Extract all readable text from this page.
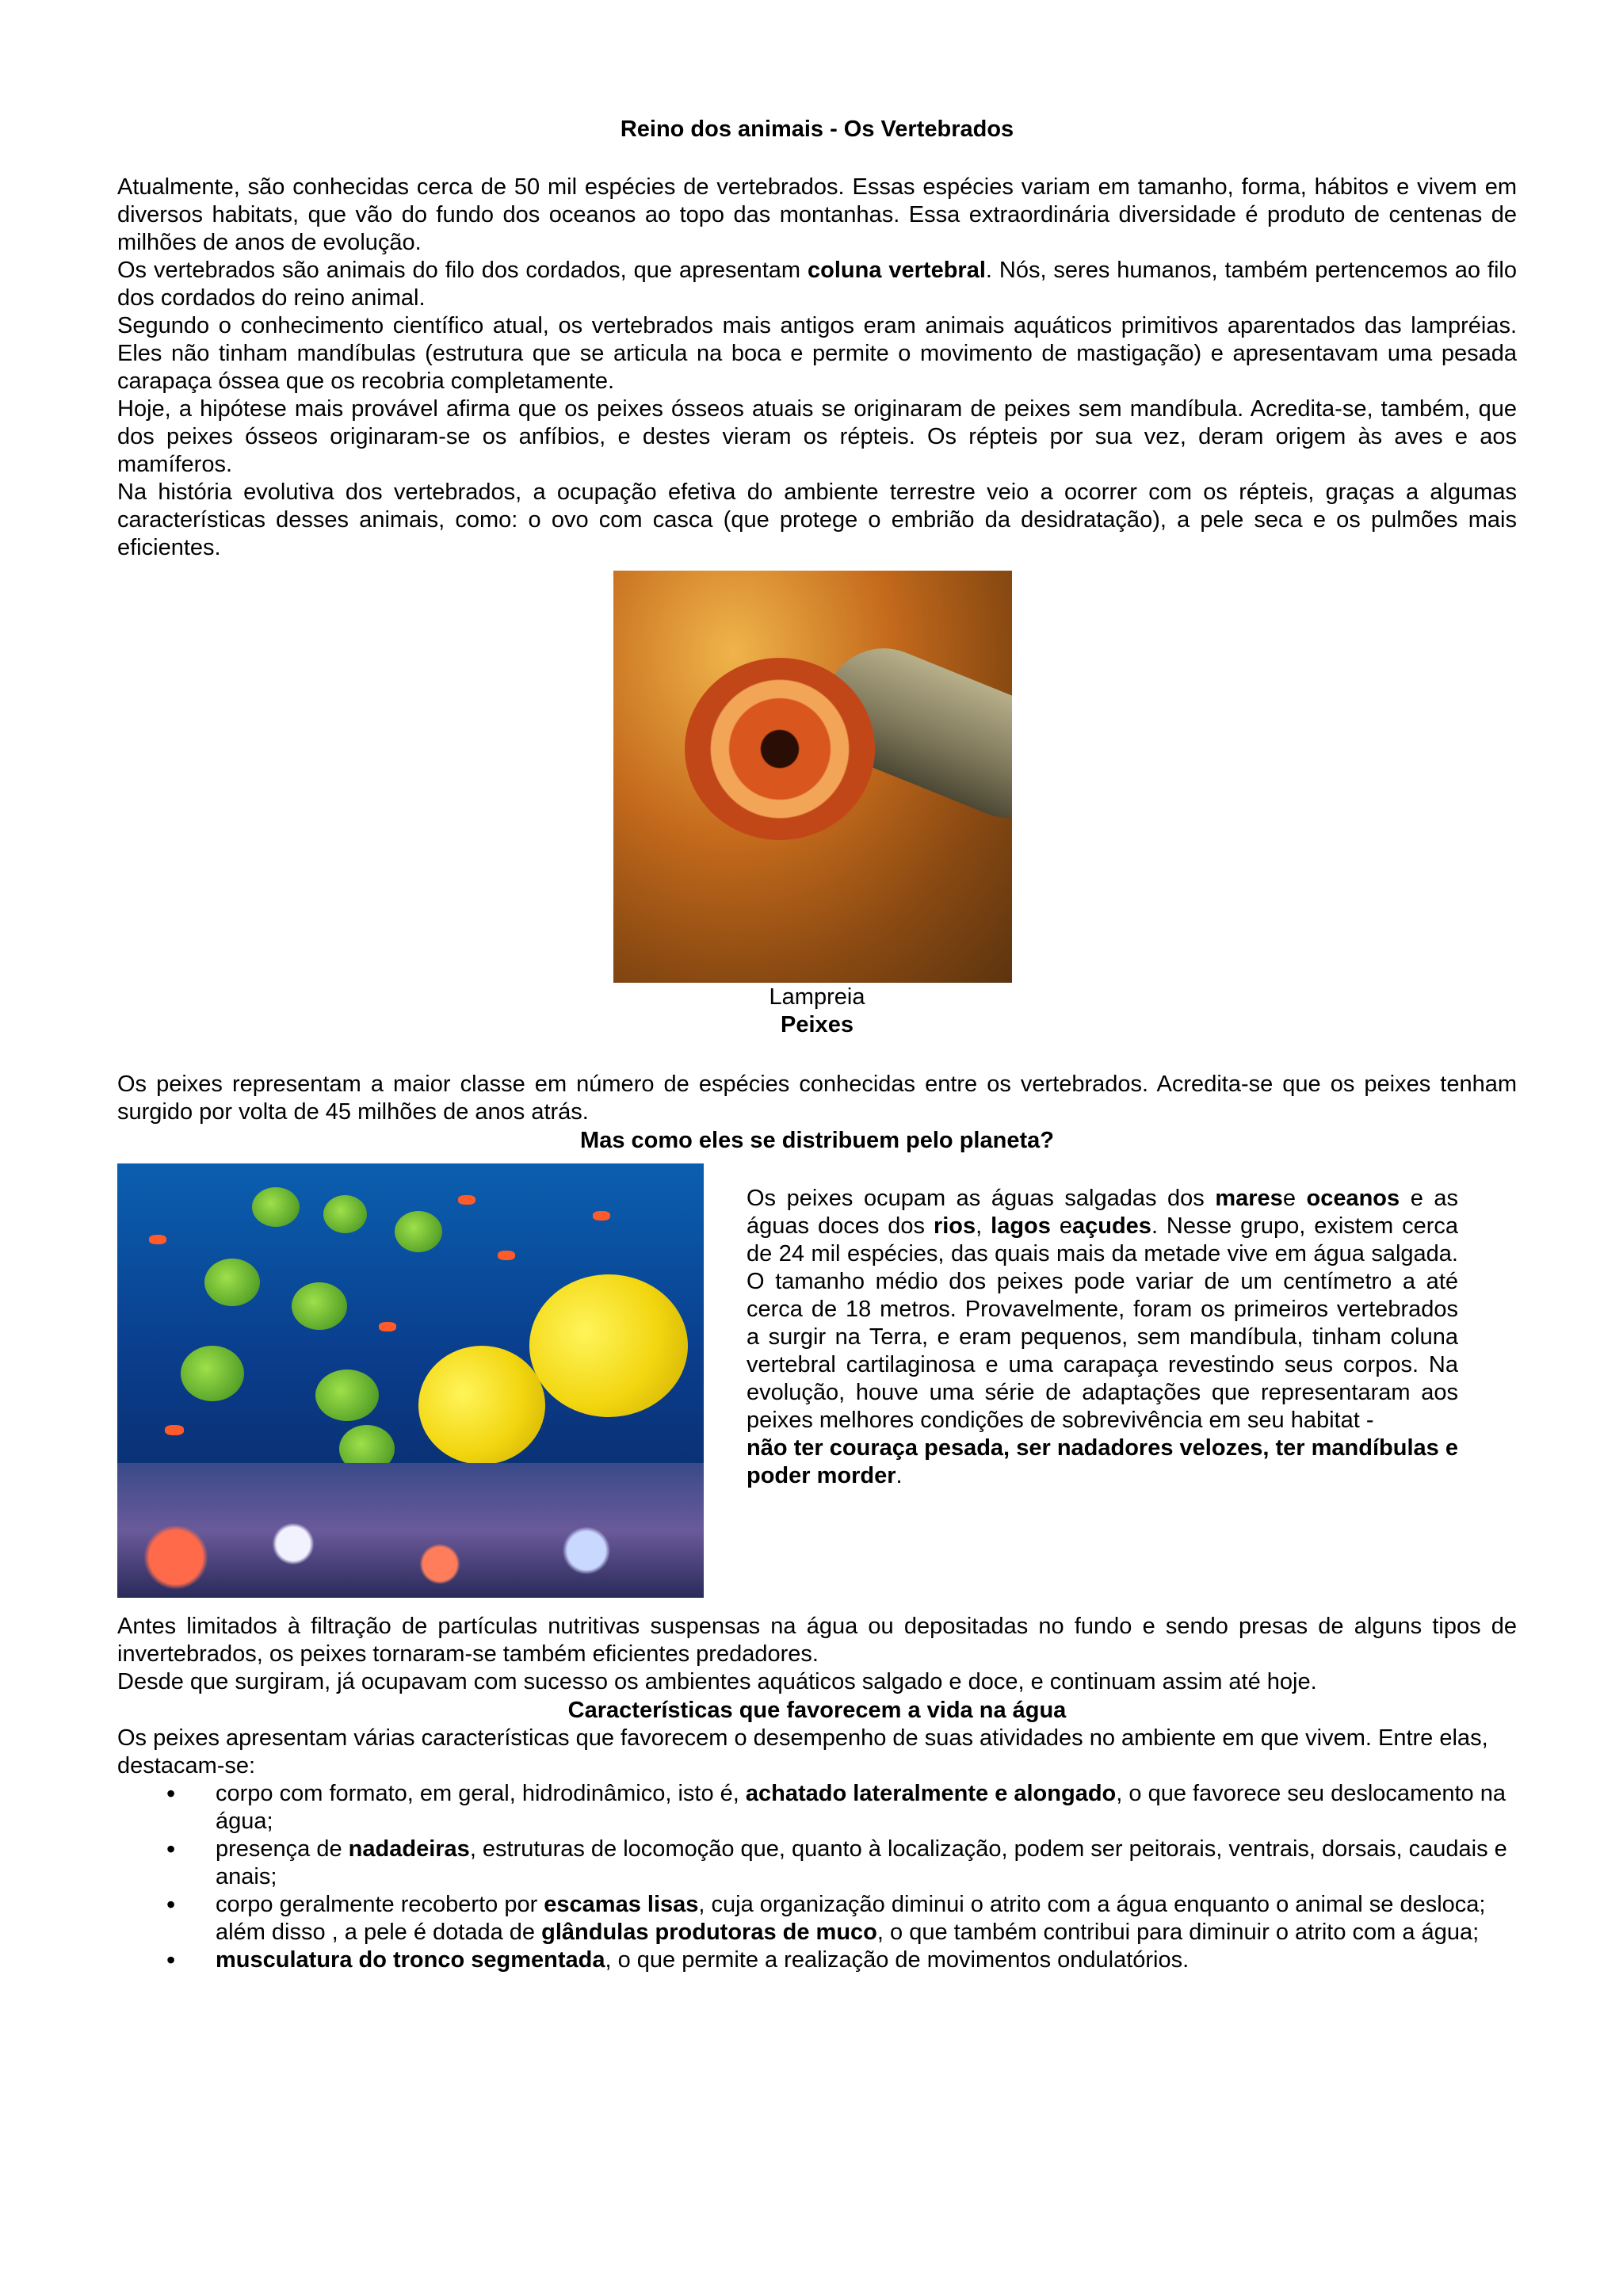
Reino dos animais - Os Vertebrados

Atualmente, são conhecidas cerca de 50 mil espécies de vertebrados. Essas espécies variam em tamanho, forma, hábitos e vivem em diversos habitats, que vão do fundo dos oceanos ao topo das montanhas. Essa extraordinária diversidade é produto de centenas de milhões de anos de evolução.

Os vertebrados são animais do filo dos cordados, que apresentam coluna vertebral. Nós, seres humanos, também pertencemos ao filo dos cordados do reino animal.

Segundo o conhecimento científico atual, os vertebrados mais antigos eram animais aquáticos primitivos aparentados das lampréias. Eles não tinham mandíbulas (estrutura que se articula na boca e permite o movimento de mastigação) e apresentavam uma pesada carapaça óssea que os recobria completamente.

Hoje, a hipótese mais provável afirma que os peixes ósseos atuais se originaram de peixes sem mandíbula. Acredita-se, também, que dos peixes ósseos originaram-se os anfíbios, e destes vieram os répteis. Os répteis por sua vez, deram origem às aves e aos mamíferos.

Na história evolutiva dos vertebrados, a ocupação efetiva do ambiente terrestre veio a ocorrer com os répteis, graças a algumas características desses animais, como: o ovo com casca (que protege o embrião da desidratação), a pele seca e os pulmões mais eficientes.

Lampreia
Peixes

Os peixes representam a maior classe em número de espécies conhecidas entre os vertebrados. Acredita-se que os peixes tenham surgido por volta de 45 milhões de anos atrás.

Mas como eles se distribuem pelo planeta?

Os peixes ocupam as águas salgadas dos marese oceanos e as águas doces dos rios, lagos eaçudes. Nesse grupo, existem cerca de 24 mil espécies, das quais mais da metade vive em água salgada. O tamanho médio dos peixes pode variar de um centímetro a até cerca de 18 metros. Provavelmente, foram os primeiros vertebrados a surgir na Terra, e eram pequenos, sem mandíbula, tinham coluna vertebral cartilaginosa e uma carapaça revestindo seus corpos. Na evolução, houve uma série de adaptações que representaram aos peixes melhores condições de sobrevivência em seu habitat -
não ter couraça pesada, ser nadadores velozes, ter mandíbulas e poder morder.

Antes limitados à filtração de partículas nutritivas suspensas na água ou depositadas no fundo e sendo presas de alguns tipos de invertebrados, os peixes tornaram-se também eficientes predadores.

Desde que surgiram, já ocupavam com sucesso os ambientes aquáticos salgado e doce, e continuam assim até hoje.

Características que favorecem a vida na água

Os peixes apresentam várias características que favorecem o desempenho de suas atividades no ambiente em que vivem. Entre elas, destacam-se:

• corpo com formato, em geral, hidrodinâmico, isto é, achatado lateralmente e alongado, o que favorece seu deslocamento na água;
• presença de nadadeiras, estruturas de locomoção que, quanto à localização, podem ser peitorais, ventrais, dorsais, caudais e anais;
• corpo geralmente recoberto por escamas lisas, cuja organização diminui o atrito com a água enquanto o animal se desloca; além disso , a pele é dotada de glândulas produtoras de muco, o que também contribui para diminuir o atrito com a água;
• musculatura do tronco segmentada, o que permite a realização de movimentos ondulatórios.
